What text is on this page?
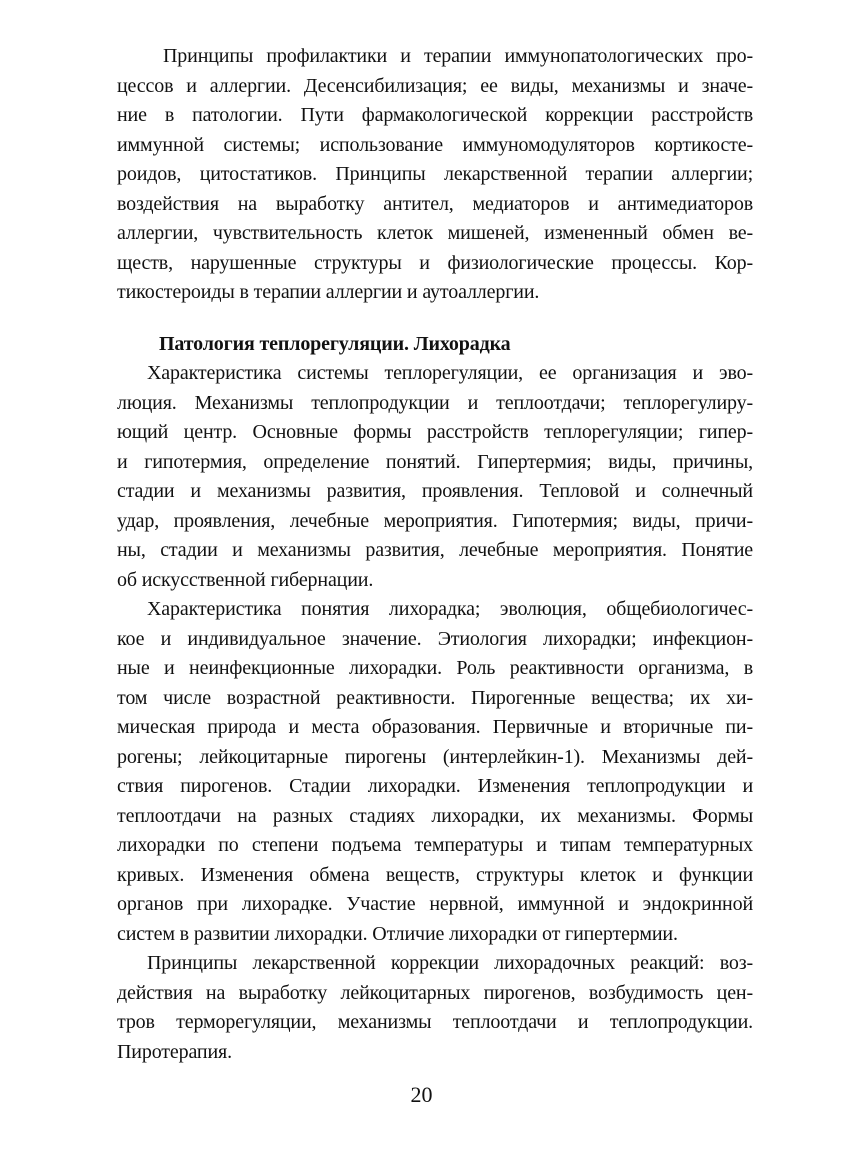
Принципы профилактики и терапии иммунопатологических про-
цессов и аллергии. Десенсибилизация; ее виды, механизмы и значе-
ние в патологии. Пути фармакологической коррекции расстройств
иммунной системы; использование иммуномодуляторов кортикосте-
роидов, цитостатиков. Принципы лекарственной терапии аллергии;
воздействия на выработку антител, медиаторов и антимедиаторов
аллергии, чувствительность клеток мишеней, измененный обмен ве-
ществ, нарушенные структуры и физиологические процессы. Кор-
тикостероиды в терапии аллергии и аутоаллергии.
Патология теплорегуляции. Лихорадка
Характеристика системы теплорегуляции, ее организация и эво-
люция. Механизмы теплопродукции и теплоотдачи; теплорегулиру-
ющий центр. Основные формы расстройств теплорегуляции; гипер-
и гипотермия, определение понятий. Гипертермия; виды, причины,
стадии и механизмы развития, проявления. Тепловой и солнечный
удар, проявления, лечебные мероприятия. Гипотермия; виды, причи-
ны, стадии и механизмы развития, лечебные мероприятия. Понятие
об искусственной гибернации.
Характеристика понятия лихорадка; эволюция, общебиологичес-
кое и индивидуальное значение. Этиология лихорадки; инфекцион-
ные и неинфекционные лихорадки. Роль реактивности организма, в
том числе возрастной реактивности. Пирогенные вещества; их хи-
мическая природа и места образования. Первичные и вторичные пи-
рогены; лейкоцитарные пирогены (интерлейкин-1). Механизмы дей-
ствия пирогенов. Стадии лихорадки. Изменения теплопродукции и
теплоотдачи на разных стадиях лихорадки, их механизмы. Формы
лихорадки по степени подъема температуры и типам температурных
кривых. Изменения обмена веществ, структуры клеток и функции
органов при лихорадке. Участие нервной, иммунной и эндокринной
систем в развитии лихорадки. Отличие лихорадки от гипертермии.
Принципы лекарственной коррекции лихорадочных реакций: воз-
действия на выработку лейкоцитарных пирогенов, возбудимость цен-
тров терморегуляции, механизмы теплоотдачи и теплопродукции.
Пиротерапия.
20
